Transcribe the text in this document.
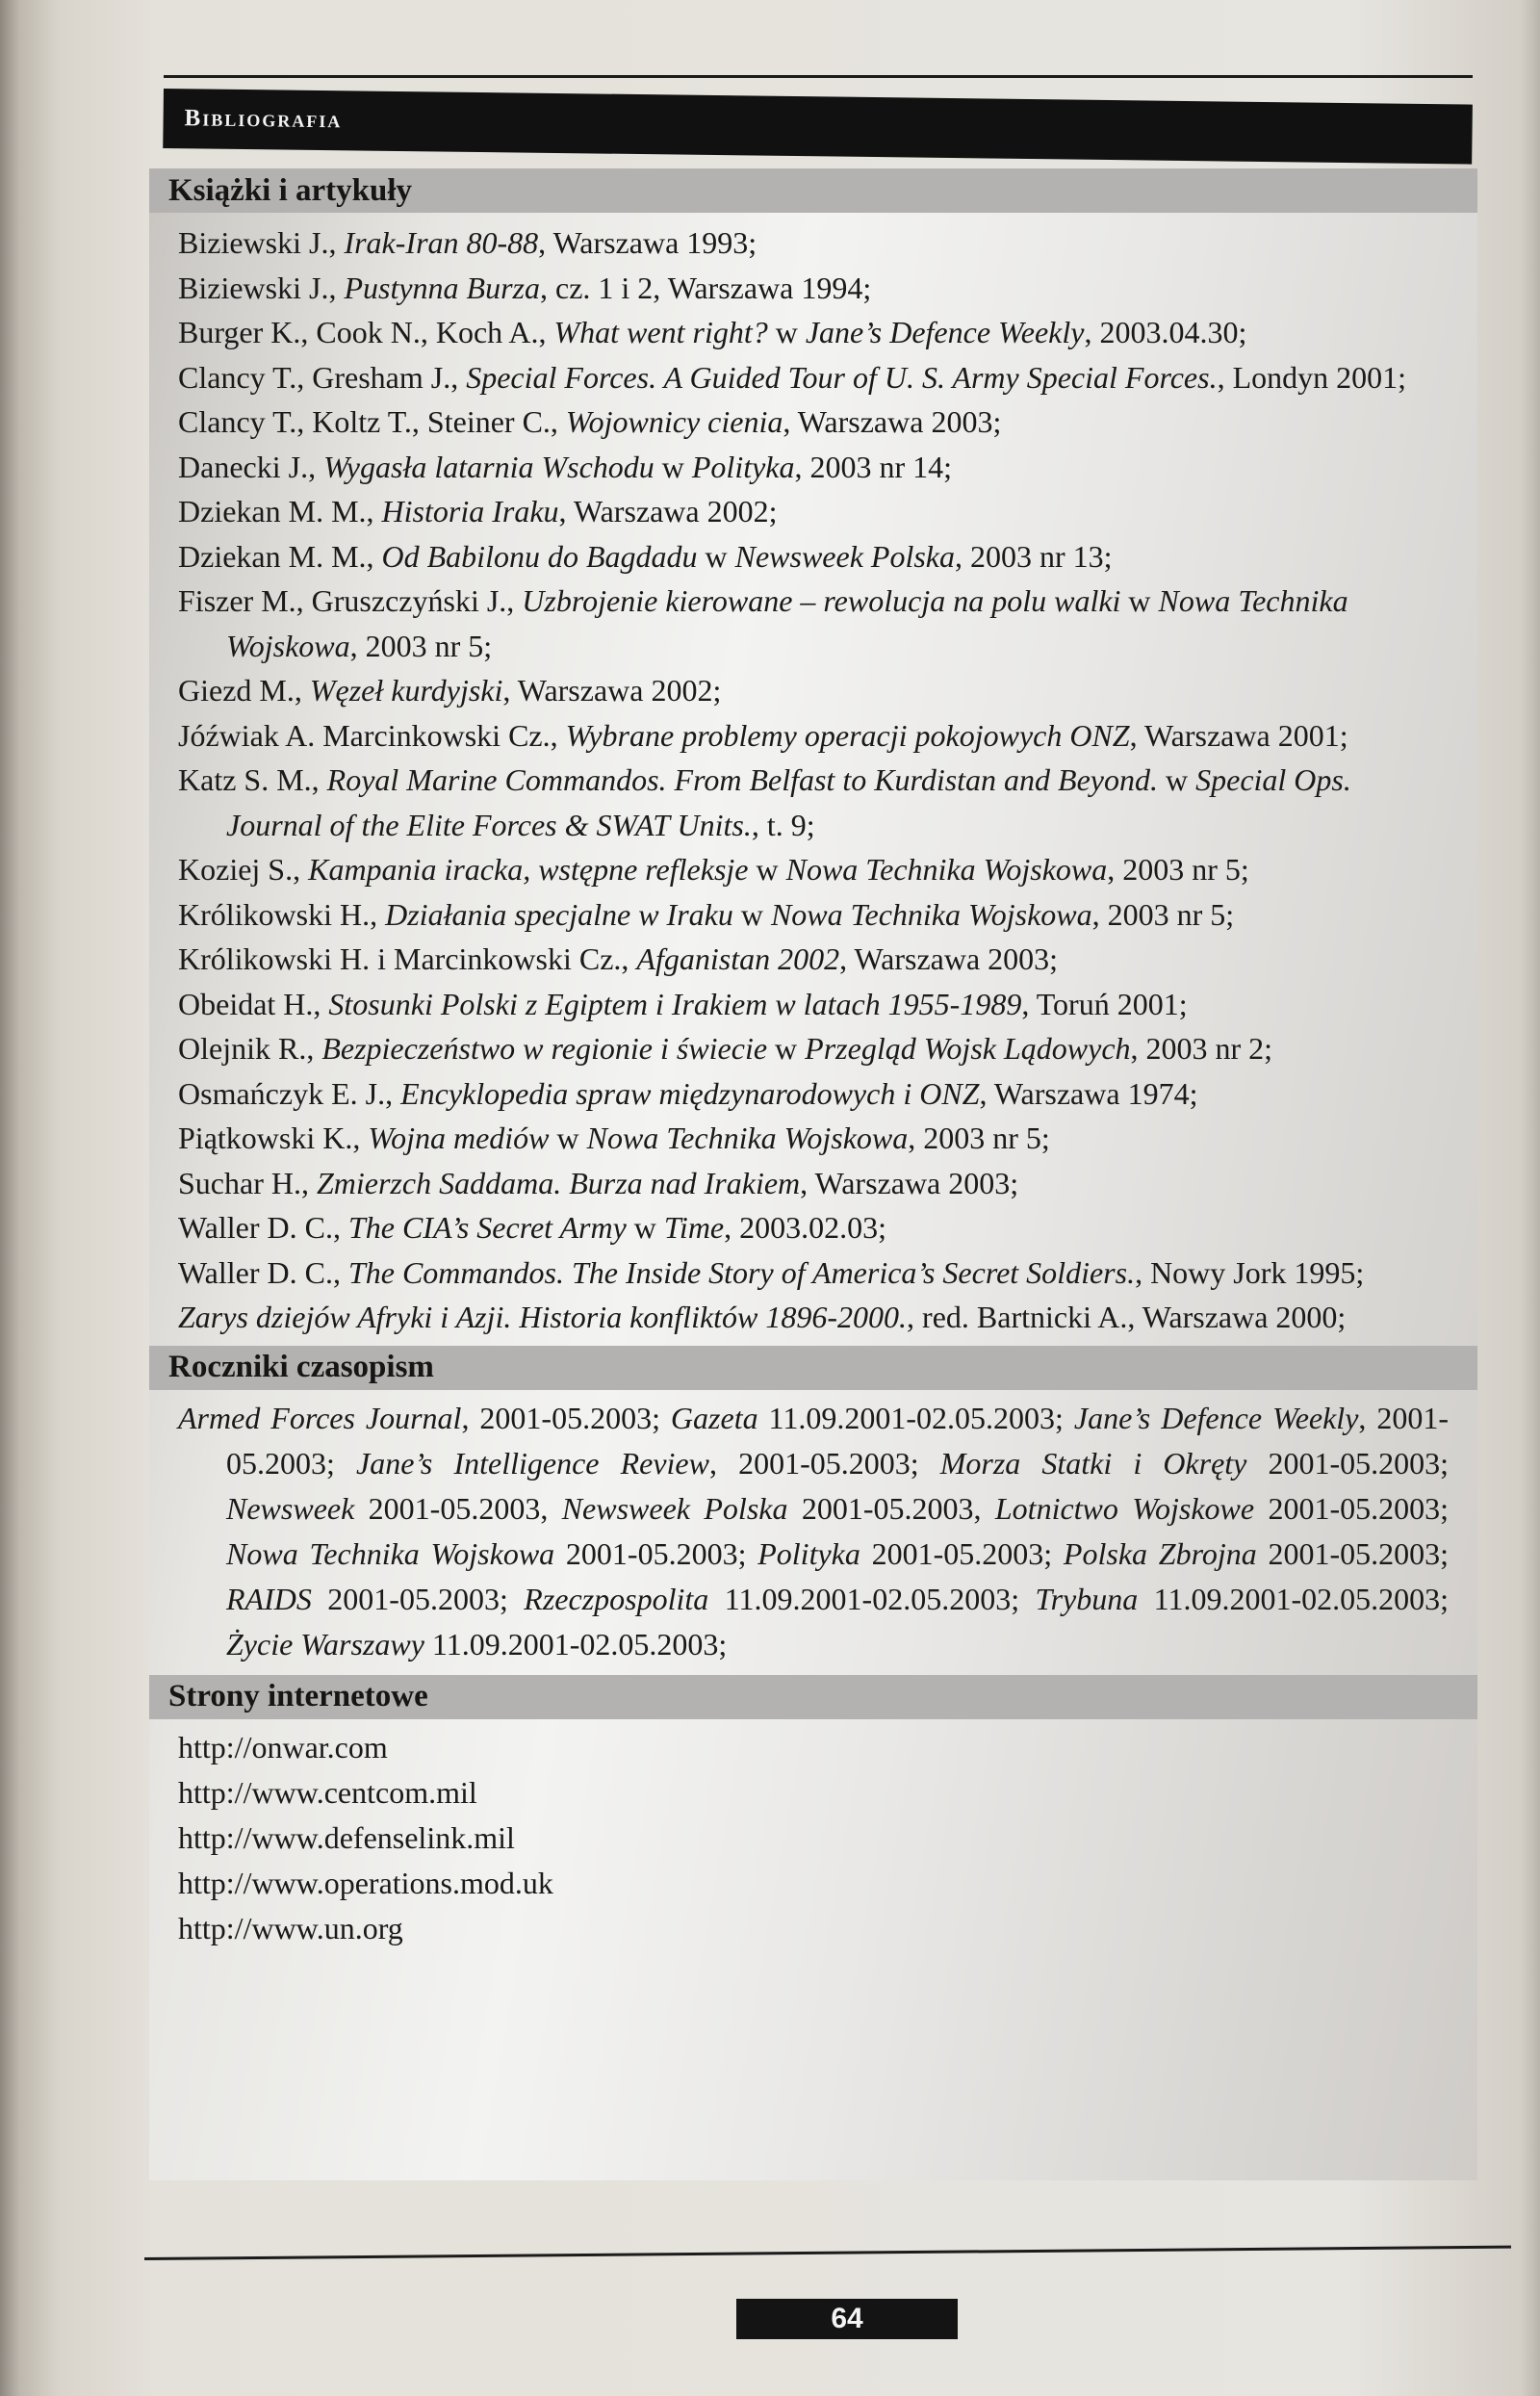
Bibliografia
Książki i artykuły
Biziewski J., Irak-Iran 80-88, Warszawa 1993;
Biziewski J., Pustynna Burza, cz. 1 i 2, Warszawa 1994;
Burger K., Cook N., Koch A., What went right? w Jane’s Defence Weekly, 2003.04.30;
Clancy T., Gresham J., Special Forces. A Guided Tour of U. S. Army Special Forces., Londyn 2001;
Clancy T., Koltz T., Steiner C., Wojownicy cienia, Warszawa 2003;
Danecki J., Wygasła latarnia Wschodu w Polityka, 2003 nr 14;
Dziekan M. M., Historia Iraku, Warszawa 2002;
Dziekan M. M., Od Babilonu do Bagdadu w Newsweek Polska, 2003 nr 13;
Fiszer M., Gruszczyński J., Uzbrojenie kierowane – rewolucja na polu walki w Nowa Technika Wojskowa, 2003 nr 5;
Giezd M., Węzeł kurdyjski, Warszawa 2002;
Jóźwiak A. Marcinkowski Cz., Wybrane problemy operacji pokojowych ONZ, Warszawa 2001;
Katz S. M., Royal Marine Commandos. From Belfast to Kurdistan and Beyond. w Special Ops. Journal of the Elite Forces & SWAT Units., t. 9;
Koziej S., Kampania iracka, wstępne refleksje w Nowa Technika Wojskowa, 2003 nr 5;
Królikowski H., Działania specjalne w Iraku w Nowa Technika Wojskowa, 2003 nr 5;
Królikowski H. i Marcinkowski Cz., Afganistan 2002, Warszawa 2003;
Obeidat H., Stosunki Polski z Egiptem i Irakiem w latach 1955-1989, Toruń 2001;
Olejnik R., Bezpieczeństwo w regionie i świecie w Przegląd Wojsk Lądowych, 2003 nr 2;
Osmańczyk E. J., Encyklopedia spraw międzynarodowych i ONZ, Warszawa 1974;
Piątkowski K., Wojna mediów w Nowa Technika Wojskowa, 2003 nr 5;
Suchar H., Zmierzch Saddama. Burza nad Irakiem, Warszawa 2003;
Waller D. C., The CIA’s Secret Army w Time, 2003.02.03;
Waller D. C., The Commandos. The Inside Story of America’s Secret Soldiers., Nowy Jork 1995;
Zarys dziejów Afryki i Azji. Historia konfliktów 1896-2000., red. Bartnicki A., Warszawa 2000;
Roczniki czasopism
Armed Forces Journal, 2001-05.2003; Gazeta 11.09.2001-02.05.2003; Jane’s Defence Weekly, 2001-05.2003; Jane’s Intelligence Review, 2001-05.2003; Morza Statki i Okręty 2001-05.2003; Newsweek 2001-05.2003, Newsweek Polska 2001-05.2003, Lotnictwo Wojskowe 2001-05.2003; Nowa Technika Wojskowa 2001-05.2003; Polityka 2001-05.2003; Polska Zbrojna 2001-05.2003; RAIDS 2001-05.2003; Rzeczpospolita 11.09.2001-02.05.2003; Trybuna 11.09.2001-02.05.2003; Życie Warszawy 11.09.2001-02.05.2003;
Strony internetowe
http://onwar.com
http://www.centcom.mil
http://www.defenselink.mil
http://www.operations.mod.uk
http://www.un.org
64
